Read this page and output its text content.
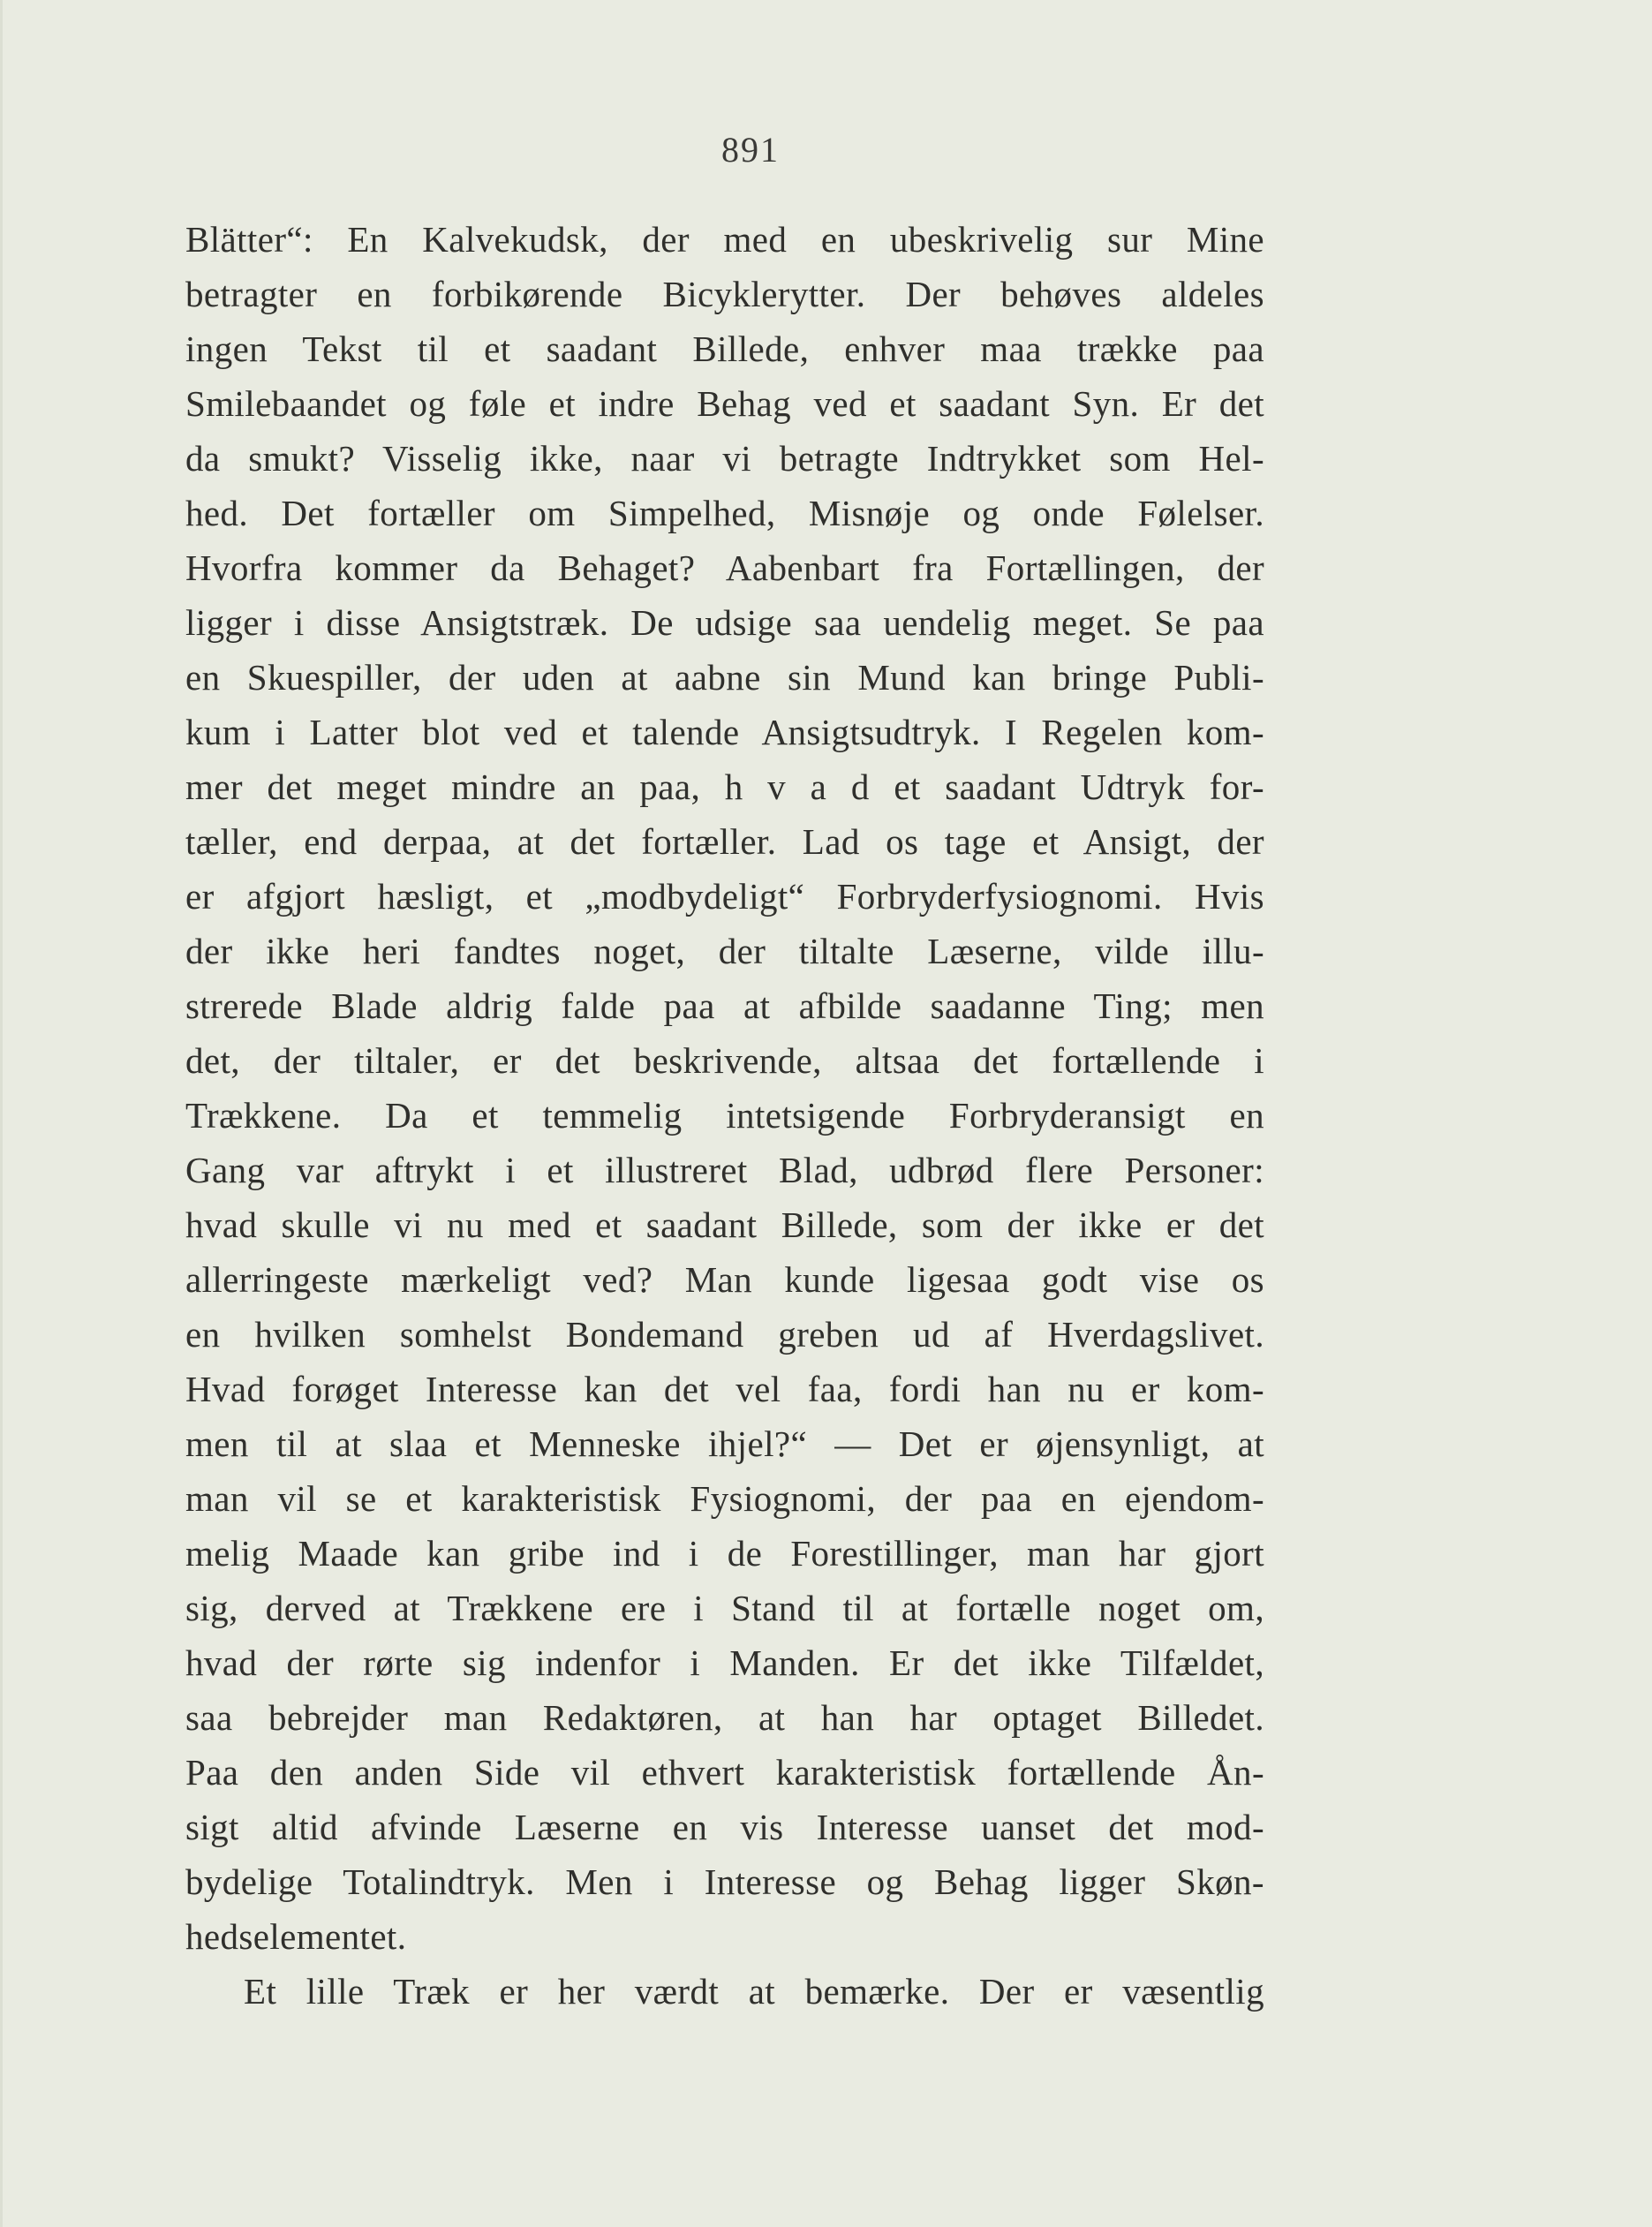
891
Blätter“: En Kalvekudsk, der med en ubeskrivelig sur Mine
betragter en forbikørende Bicyklerytter. Der behøves aldeles
ingen Tekst til et saadant Billede, enhver maa trække paa
Smilebaandet og føle et indre Behag ved et saadant Syn. Er det
da smukt? Visselig ikke, naar vi betragte Indtrykket som Hel-
hed. Det fortæller om Simpelhed, Misnøje og onde Følelser.
Hvorfra kommer da Behaget? Aabenbart fra Fortællingen, der
ligger i disse Ansigtstræk. De udsige saa uendelig meget. Se paa
en Skuespiller, der uden at aabne sin Mund kan bringe Publi-
kum i Latter blot ved et talende Ansigtsudtryk. I Regelen kom-
mer det meget mindre an paa, h v a d et saadant Udtryk for-
tæller, end derpaa, at det fortæller. Lad os tage et Ansigt, der
er afgjort hæsligt, et „modbydeligt“ Forbryderfysiognomi. Hvis
der ikke heri fandtes noget, der tiltalte Læserne, vilde illu-
strerede Blade aldrig falde paa at afbilde saadanne Ting; men
det, der tiltaler, er det beskrivende, altsaa det fortællende i
Trækkene. Da et temmelig intetsigende Forbryderansigt en
Gang var aftrykt i et illustreret Blad, udbrød flere Personer:
hvad skulle vi nu med et saadant Billede, som der ikke er det
allerringeste mærkeligt ved? Man kunde ligesaa godt vise os
en hvilken somhelst Bondemand greben ud af Hverdagslivet.
Hvad forøget Interesse kan det vel faa, fordi han nu er kom-
men til at slaa et Menneske ihjel?“ — Det er øjensynligt, at
man vil se et karakteristisk Fysiognomi, der paa en ejendom-
melig Maade kan gribe ind i de Forestillinger, man har gjort
sig, derved at Trækkene ere i Stand til at fortælle noget om,
hvad der rørte sig indenfor i Manden. Er det ikke Tilfældet,
saa bebrejder man Redaktøren, at han har optaget Billedet.
Paa den anden Side vil ethvert karakteristisk fortællende Ån-
sigt altid afvinde Læserne en vis Interesse uanset det mod-
bydelige Totalindtryk. Men i Interesse og Behag ligger Skøn-
hedselementet.
Et lille Træk er her værdt at bemærke. Der er væsentlig
